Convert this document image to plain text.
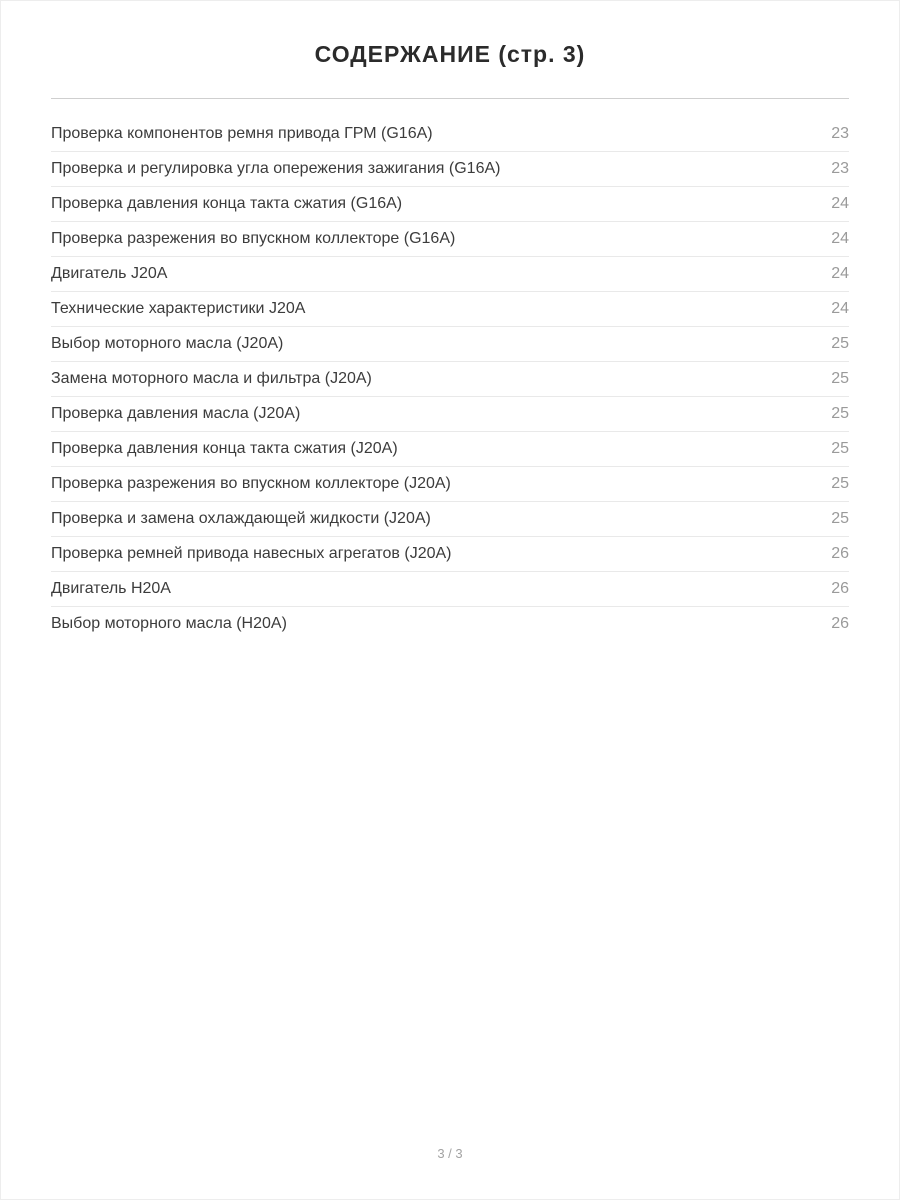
СОДЕРЖАНИЕ (стр. 3)
Проверка компонентов ремня привода ГРМ (G16A)	23
Проверка и регулировка угла опережения зажигания (G16A)	23
Проверка давления конца такта сжатия (G16A)	24
Проверка разрежения во впускном коллекторе (G16A)	24
Двигатель J20A	24
Технические характеристики J20A	24
Выбор моторного масла (J20A)	25
Замена моторного масла и фильтра (J20A)	25
Проверка давления масла (J20A)	25
Проверка давления конца такта сжатия (J20A)	25
Проверка разрежения во впускном коллекторе (J20A)	25
Проверка и замена охлаждающей жидкости (J20A)	25
Проверка ремней привода навесных агрегатов (J20A)	26
Двигатель H20A	26
Выбор моторного масла (H20A)	26
3 / 3
